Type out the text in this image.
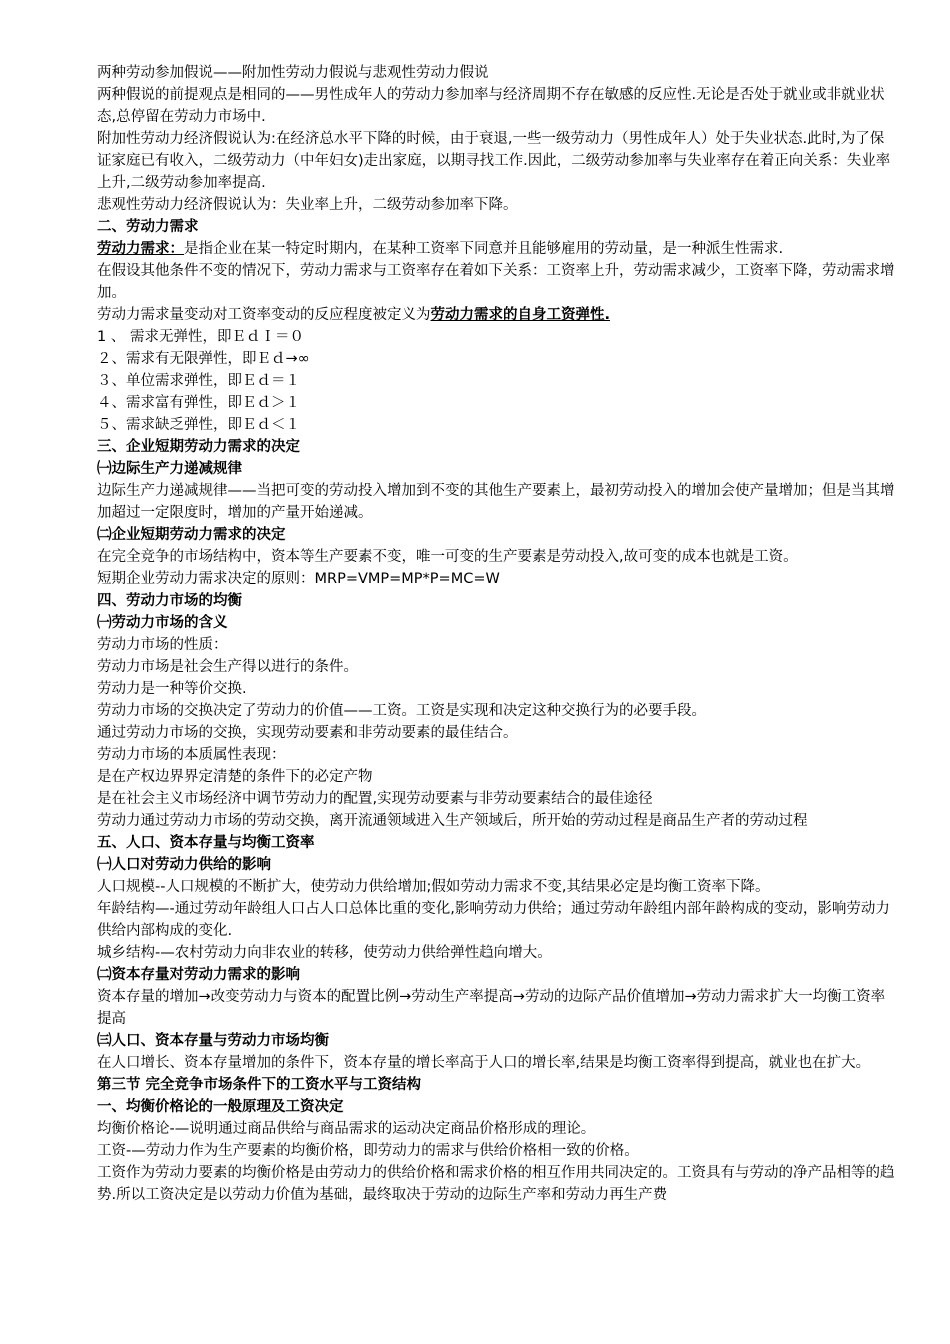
两种劳动参加假说——附加性劳动力假说与悲观性劳动力假说

两种假说的前提观点是相同的——男性成年人的劳动力参加率与经济周期不存在敏感的反应性.无论是否处于就业或非就业状态,总停留在劳动力市场中.

附加性劳动力经济假说认为:在经济总水平下降的时候，由于衰退,一些一级劳动力（男性成年人）处于失业状态.此时,为了保证家庭已有收入，二级劳动力（中年妇女)走出家庭，以期寻找工作.因此，二级劳动参加率与失业率存在着正向关系：失业率上升,二级劳动参加率提高.

悲观性劳动力经济假说认为：失业率上升，二级劳动参加率下降。

二、劳动力需求

劳动力需求：是指企业在某一特定时期内，在某种工资率下同意并且能够雇用的劳动量，是一种派生性需求.

在假设其他条件不变的情况下，劳动力需求与工资率存在着如下关系：工资率上升，劳动需求减少，工资率下降，劳动需求增加。

劳动力需求量变动对工资率变动的反应程度被定义为劳动力需求的自身工资弹性.

1 、 需求无弹性，即ＥｄＩ＝０

２、需求有无限弹性，即Ｅｄ→∞

３、单位需求弹性，即Ｅｄ＝１

４、需求富有弹性，即Ｅｄ＞１

５、需求缺乏弹性，即Ｅｄ＜１

三、企业短期劳动力需求的决定

㈠边际生产力递减规律

边际生产力递减规律——当把可变的劳动投入增加到不变的其他生产要素上，最初劳动投入的增加会使产量增加；但是当其增加超过一定限度时，增加的产量开始递减。

㈡企业短期劳动力需求的决定

在完全竞争的市场结构中，资本等生产要素不变，唯一可变的生产要素是劳动投入,故可变的成本也就是工资。

短期企业劳动力需求决定的原则：MRP=VMP=MP*P=MC=W

四、劳动力市场的均衡

㈠劳动力市场的含义

劳动力市场的性质：

劳动力市场是社会生产得以进行的条件。

劳动力是一种等价交换.

劳动力市场的交换决定了劳动力的价值——工资。工资是实现和决定这种交换行为的必要手段。

通过劳动力市场的交换，实现劳动要素和非劳动要素的最佳结合。

劳动力市场的本质属性表现：

是在产权边界界定清楚的条件下的必定产物

是在社会主义市场经济中调节劳动力的配置,实现劳动要素与非劳动要素结合的最佳途径

劳动力通过劳动力市场的劳动交换，离开流通领域进入生产领域后，所开始的劳动过程是商品生产者的劳动过程

五、人口、资本存量与均衡工资率

㈠人口对劳动力供给的影响

人口规模--人口规模的不断扩大，使劳动力供给增加;假如劳动力需求不变,其结果必定是均衡工资率下降。

年龄结构—-通过劳动年龄组人口占人口总体比重的变化,影响劳动力供给；通过劳动年龄组内部年龄构成的变动，影响劳动力供给内部构成的变化.

城乡结构-—农村劳动力向非农业的转移，使劳动力供给弹性趋向增大。

㈡资本存量对劳动力需求的影响

资本存量的增加→改变劳动力与资本的配置比例→劳动生产率提高→劳动的边际产品价值增加→劳动力需求扩大一均衡工资率提高

㈢人口、资本存量与劳动力市场均衡

在人口增长、资本存量增加的条件下，资本存量的增长率高于人口的增长率,结果是均衡工资率得到提高，就业也在扩大。

第三节 完全竞争市场条件下的工资水平与工资结构

一、均衡价格论的一般原理及工资决定

均衡价格论-—说明通过商品供给与商品需求的运动决定商品价格形成的理论。

工资-—劳动力作为生产要素的均衡价格，即劳动力的需求与供给价格相一致的价格。

工资作为劳动力要素的均衡价格是由劳动力的供给价格和需求价格的相互作用共同决定的。工资具有与劳动的净产品相等的趋势.所以工资决定是以劳动力价值为基础，最终取决于劳动的边际生产率和劳动力再生产费
